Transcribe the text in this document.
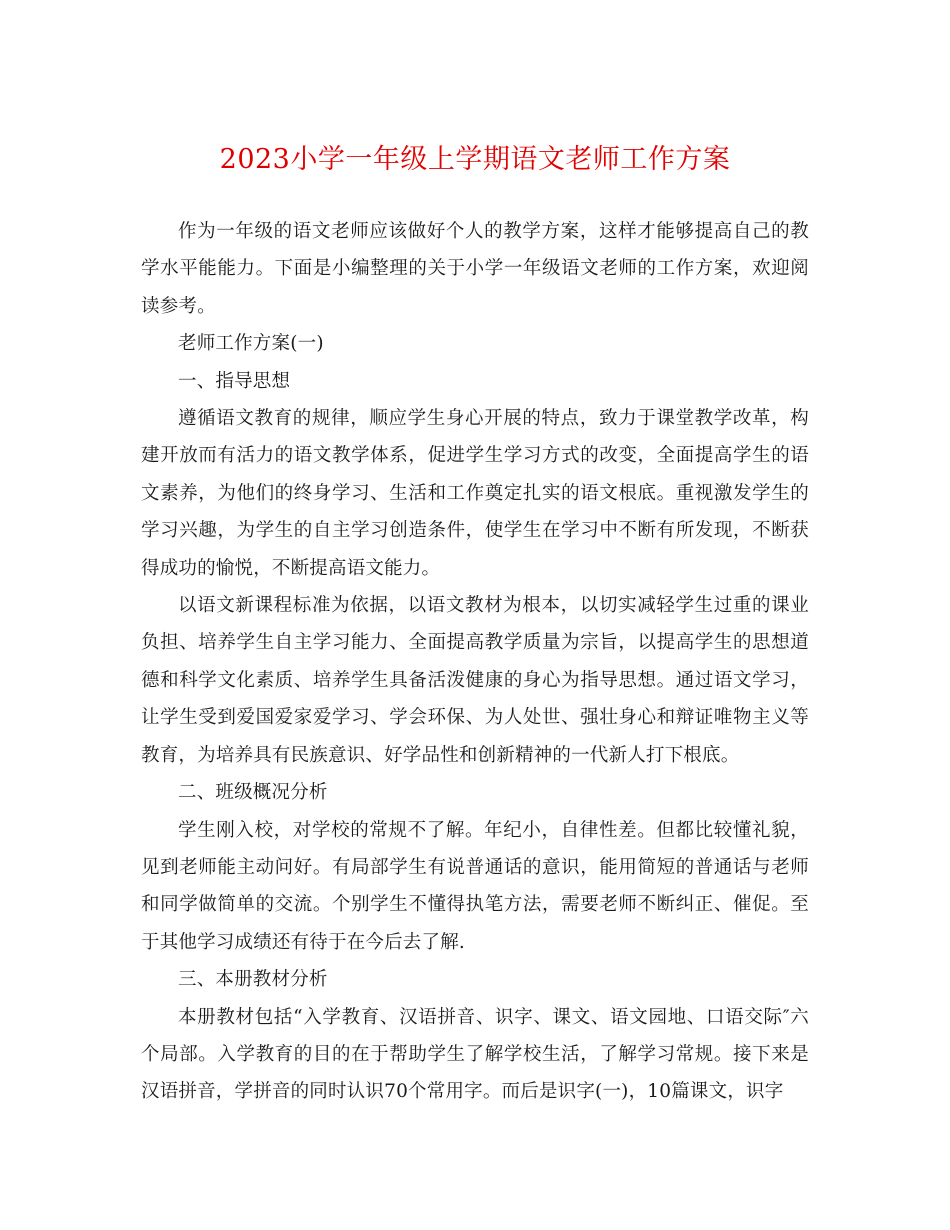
2023小学一年级上学期语文老师工作方案

作为一年级的语文老师应该做好个人的教学方案，这样才能够提高自己的教学水平能能力。下面是小编整理的关于小学一年级语文老师的工作方案，欢迎阅读参考。

老师工作方案(一)

一、指导思想

遵循语文教育的规律，顺应学生身心开展的特点，致力于课堂教学改革，构建开放而有活力的语文教学体系，促进学生学习方式的改变，全面提高学生的语文素养，为他们的终身学习、生活和工作奠定扎实的语文根底。重视激发学生的学习兴趣，为学生的自主学习创造条件，使学生在学习中不断有所发现，不断获得成功的愉悦，不断提高语文能力。

以语文新课程标准为依据，以语文教材为根本，以切实减轻学生过重的课业负担、培养学生自主学习能力、全面提高教学质量为宗旨，以提高学生的思想道德和科学文化素质、培养学生具备活泼健康的身心为指导思想。通过语文学习，让学生受到爱国爱家爱学习、学会环保、为人处世、强壮身心和辩证唯物主义等教育，为培养具有民族意识、好学品性和创新精神的一代新人打下根底。

二、班级概况分析

学生刚入校，对学校的常规不了解。年纪小，自律性差。但都比较懂礼貌，见到老师能主动问好。有局部学生有说普通话的意识，能用简短的普通话与老师和同学做简单的交流。个别学生不懂得执笔方法，需要老师不断纠正、催促。至于其他学习成绩还有待于在今后去了解.

三、本册教材分析

本册教材包括“入学教育、汉语拼音、识字、课文、语文园地、口语交际″六个局部。入学教育的目的在于帮助学生了解学校生活，了解学习常规。接下来是汉语拼音，学拼音的同时认识70个常用字。而后是识字(一)，10篇课文，识字
